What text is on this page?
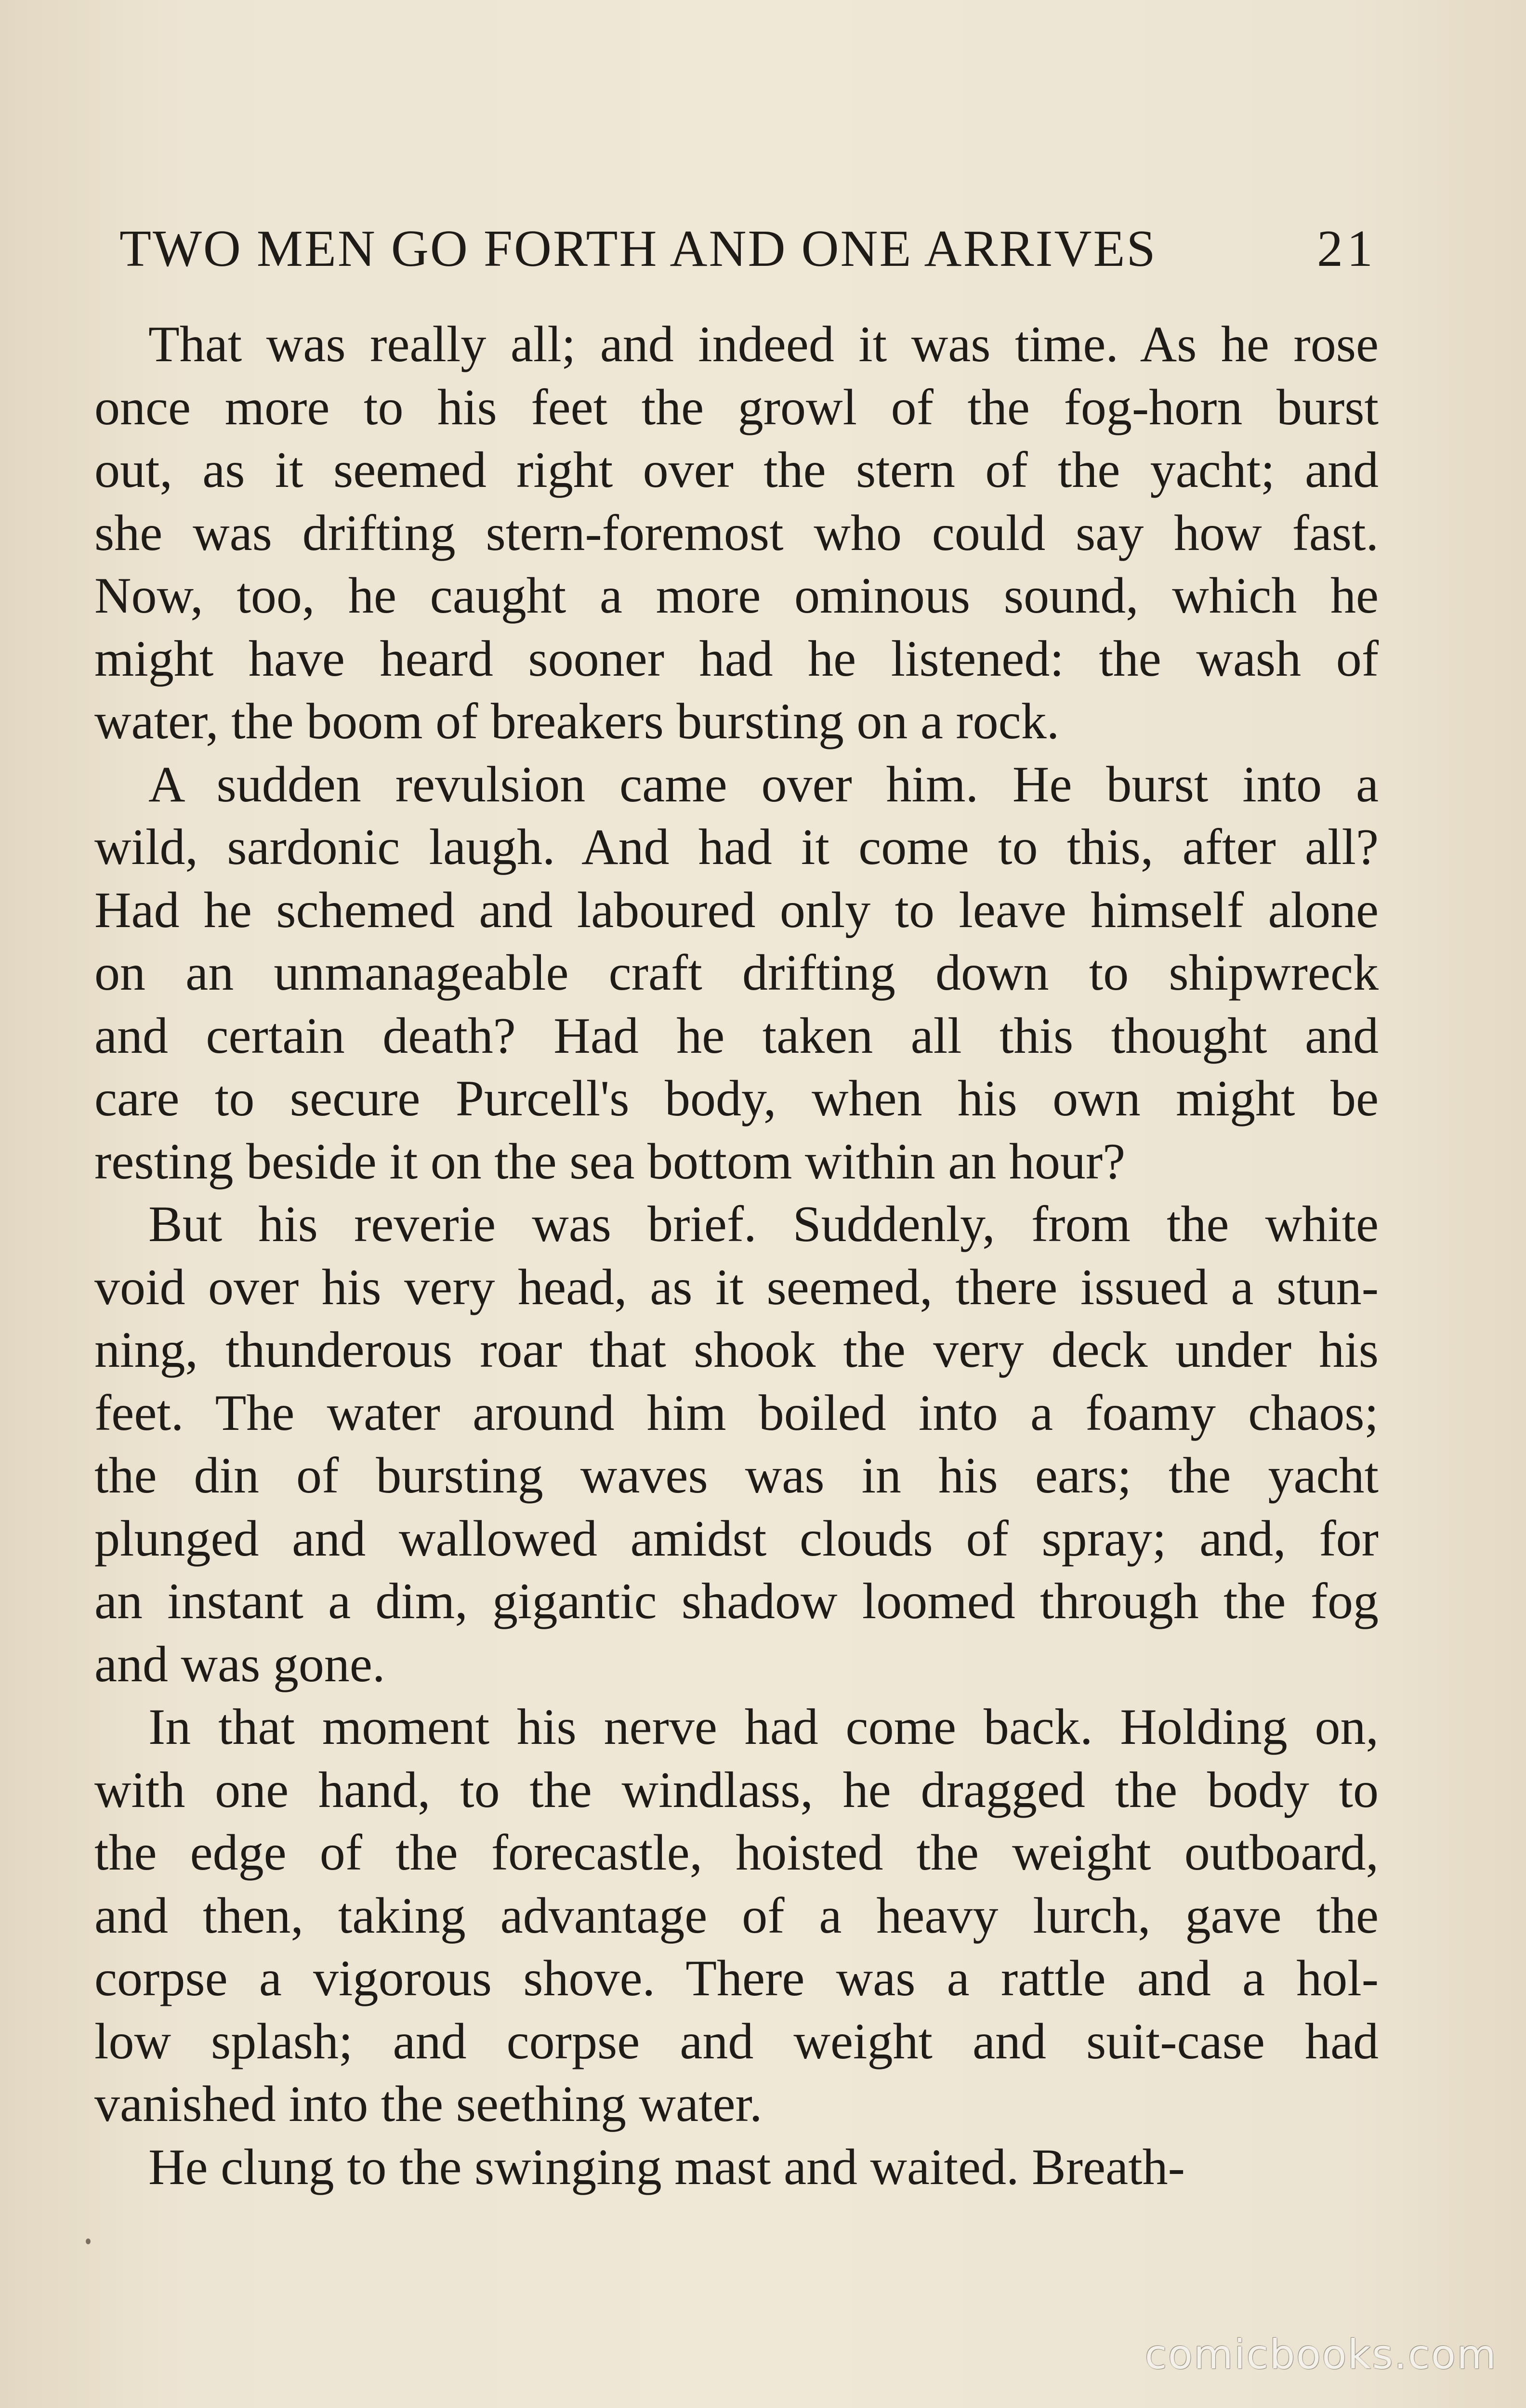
TWO MEN GO FORTH AND ONE ARRIVES	21

That was really all; and indeed it was time. As he rose
once more to his feet the growl of the fog-horn burst
out, as it seemed right over the stern of the yacht; and
she was drifting stern-foremost who could say how fast.
Now, too, he caught a more ominous sound, which he
might have heard sooner had he listened: the wash of
water, the boom of breakers bursting on a rock.

A sudden revulsion came over him. He burst into a
wild, sardonic laugh. And had it come to this, after all?
Had he schemed and laboured only to leave himself alone
on an unmanageable craft drifting down to shipwreck
and certain death? Had he taken all this thought and
care to secure Purcell's body, when his own might be
resting beside it on the sea bottom within an hour?

But his reverie was brief. Suddenly, from the white
void over his very head, as it seemed, there issued a stun-
ning, thunderous roar that shook the very deck under his
feet. The water around him boiled into a foamy chaos;
the din of bursting waves was in his ears; the yacht
plunged and wallowed amidst clouds of spray; and, for
an instant a dim, gigantic shadow loomed through the fog
and was gone.

In that moment his nerve had come back. Holding on,
with one hand, to the windlass, he dragged the body to
the edge of the forecastle, hoisted the weight outboard,
and then, taking advantage of a heavy lurch, gave the
corpse a vigorous shove. There was a rattle and a hol-
low splash; and corpse and weight and suit-case had
vanished into the seething water.

He clung to the swinging mast and waited. Breath-

comicbooks.com
